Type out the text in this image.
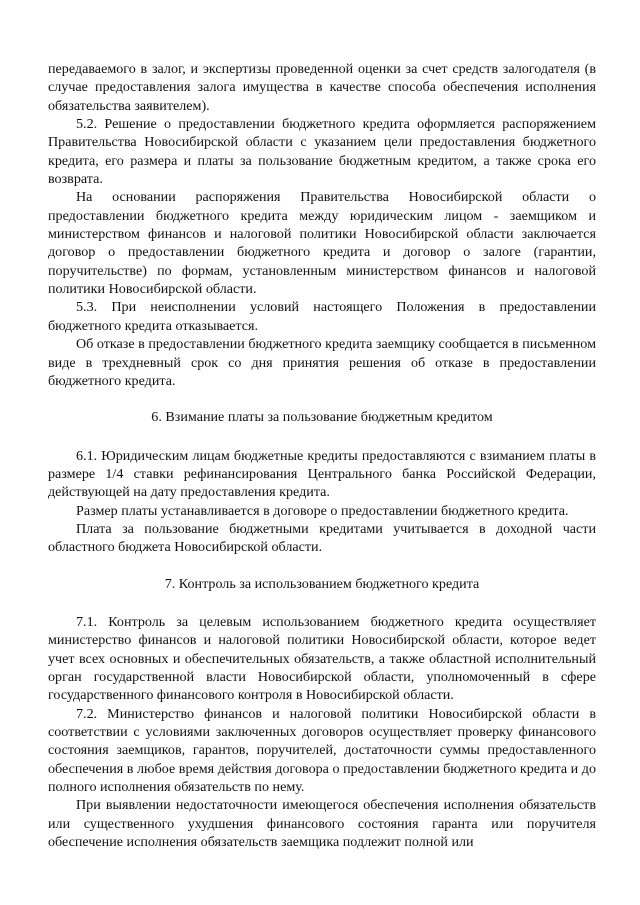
передаваемого в залог, и экспертизы проведенной оценки за счет средств залогодателя (в случае предоставления залога имущества в качестве способа обеспечения исполнения обязательства заявителем).

5.2. Решение о предоставлении бюджетного кредита оформляется распоряжением Правительства Новосибирской области с указанием цели предоставления бюджетного кредита, его размера и платы за пользование бюджетным кредитом, а также срока его возврата.

На основании распоряжения Правительства Новосибирской области о предоставлении бюджетного кредита между юридическим лицом - заемщиком и министерством финансов и налоговой политики Новосибирской области заключается договор о предоставлении бюджетного кредита и договор о залоге (гарантии, поручительстве) по формам, установленным министерством финансов и налоговой политики Новосибирской области.

5.3. При неисполнении условий настоящего Положения в предоставлении бюджетного кредита отказывается.

Об отказе в предоставлении бюджетного кредита заемщику сообщается в письменном виде в трехдневный срок со дня принятия решения об отказе в предоставлении бюджетного кредита.

6. Взимание платы за пользование бюджетным кредитом

6.1. Юридическим лицам бюджетные кредиты предоставляются с взиманием платы в размере 1/4 ставки рефинансирования Центрального банка Российской Федерации, действующей на дату предоставления кредита.

Размер платы устанавливается в договоре о предоставлении бюджетного кредита.

Плата за пользование бюджетными кредитами учитывается в доходной части областного бюджета Новосибирской области.

7. Контроль за использованием бюджетного кредита

7.1. Контроль за целевым использованием бюджетного кредита осуществляет министерство финансов и налоговой политики Новосибирской области, которое ведет учет всех основных и обеспечительных обязательств, а также областной исполнительный орган государственной власти Новосибирской области, уполномоченный в сфере государственного финансового контроля в Новосибирской области.

7.2. Министерство финансов и налоговой политики Новосибирской области в соответствии с условиями заключенных договоров осуществляет проверку финансового состояния заемщиков, гарантов, поручителей, достаточности суммы предоставленного обеспечения в любое время действия договора о предоставлении бюджетного кредита и до полного исполнения обязательств по нему.

При выявлении недостаточности имеющегося обеспечения исполнения обязательств или существенного ухудшения финансового состояния гаранта или поручителя обеспечение исполнения обязательств заемщика подлежит полной или
